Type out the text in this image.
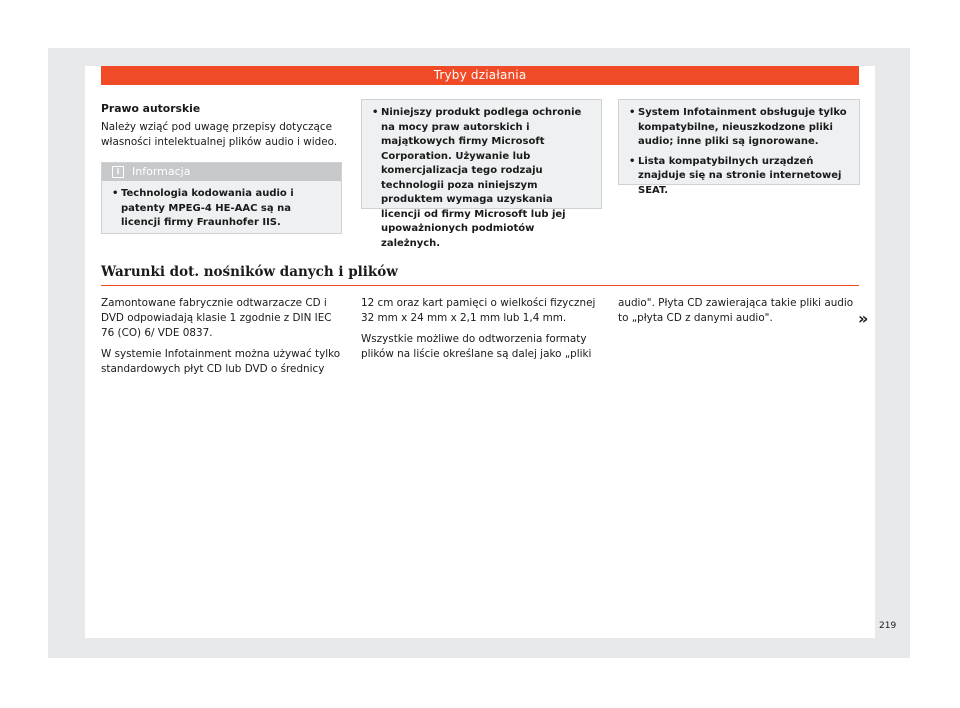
Tryby działania
Prawo autorskie

Należy wziąć pod uwagę przepisy dotyczące własności intelektualnej plików audio i wideo.

i Informacja
• Technologia kodowania audio i patenty MPEG-4 HE-AAC są na licencji firmy Fraunhofer IIS.
• Niniejszy produkt podlega ochronie na mocy praw autorskich i majątkowych firmy Microsoft Corporation. Używanie lub komercjalizacja tego rodzaju technologii poza niniejszym produktem wymaga uzyskania licencji od firmy Microsoft lub jej upoważnionych podmiotów zależnych.
• System Infotainment obsługuje tylko kompatybilne, nieuszkodzone pliki audio; inne pliki są ignorowane.
• Lista kompatybilnych urządzeń znajduje się na stronie internetowej SEAT.
Warunki dot. nośników danych i plików

Zamontowane fabrycznie odtwarzacze CD i DVD odpowiadają klasie 1 zgodnie z DIN IEC 76 (CO) 6/ VDE 0837.

W systemie Infotainment można używać tylko standardowych płyt CD lub DVD o średnicy

12 cm oraz kart pamięci o wielkości fizycznej 32 mm x 24 mm x 2,1 mm lub 1,4 mm.

Wszystkie możliwe do odtworzenia formaty plików na liście określane są dalej jako „pliki

audio". Płyta CD zawierająca takie pliki audio to „płyta CD z danymi audio".	»
219
